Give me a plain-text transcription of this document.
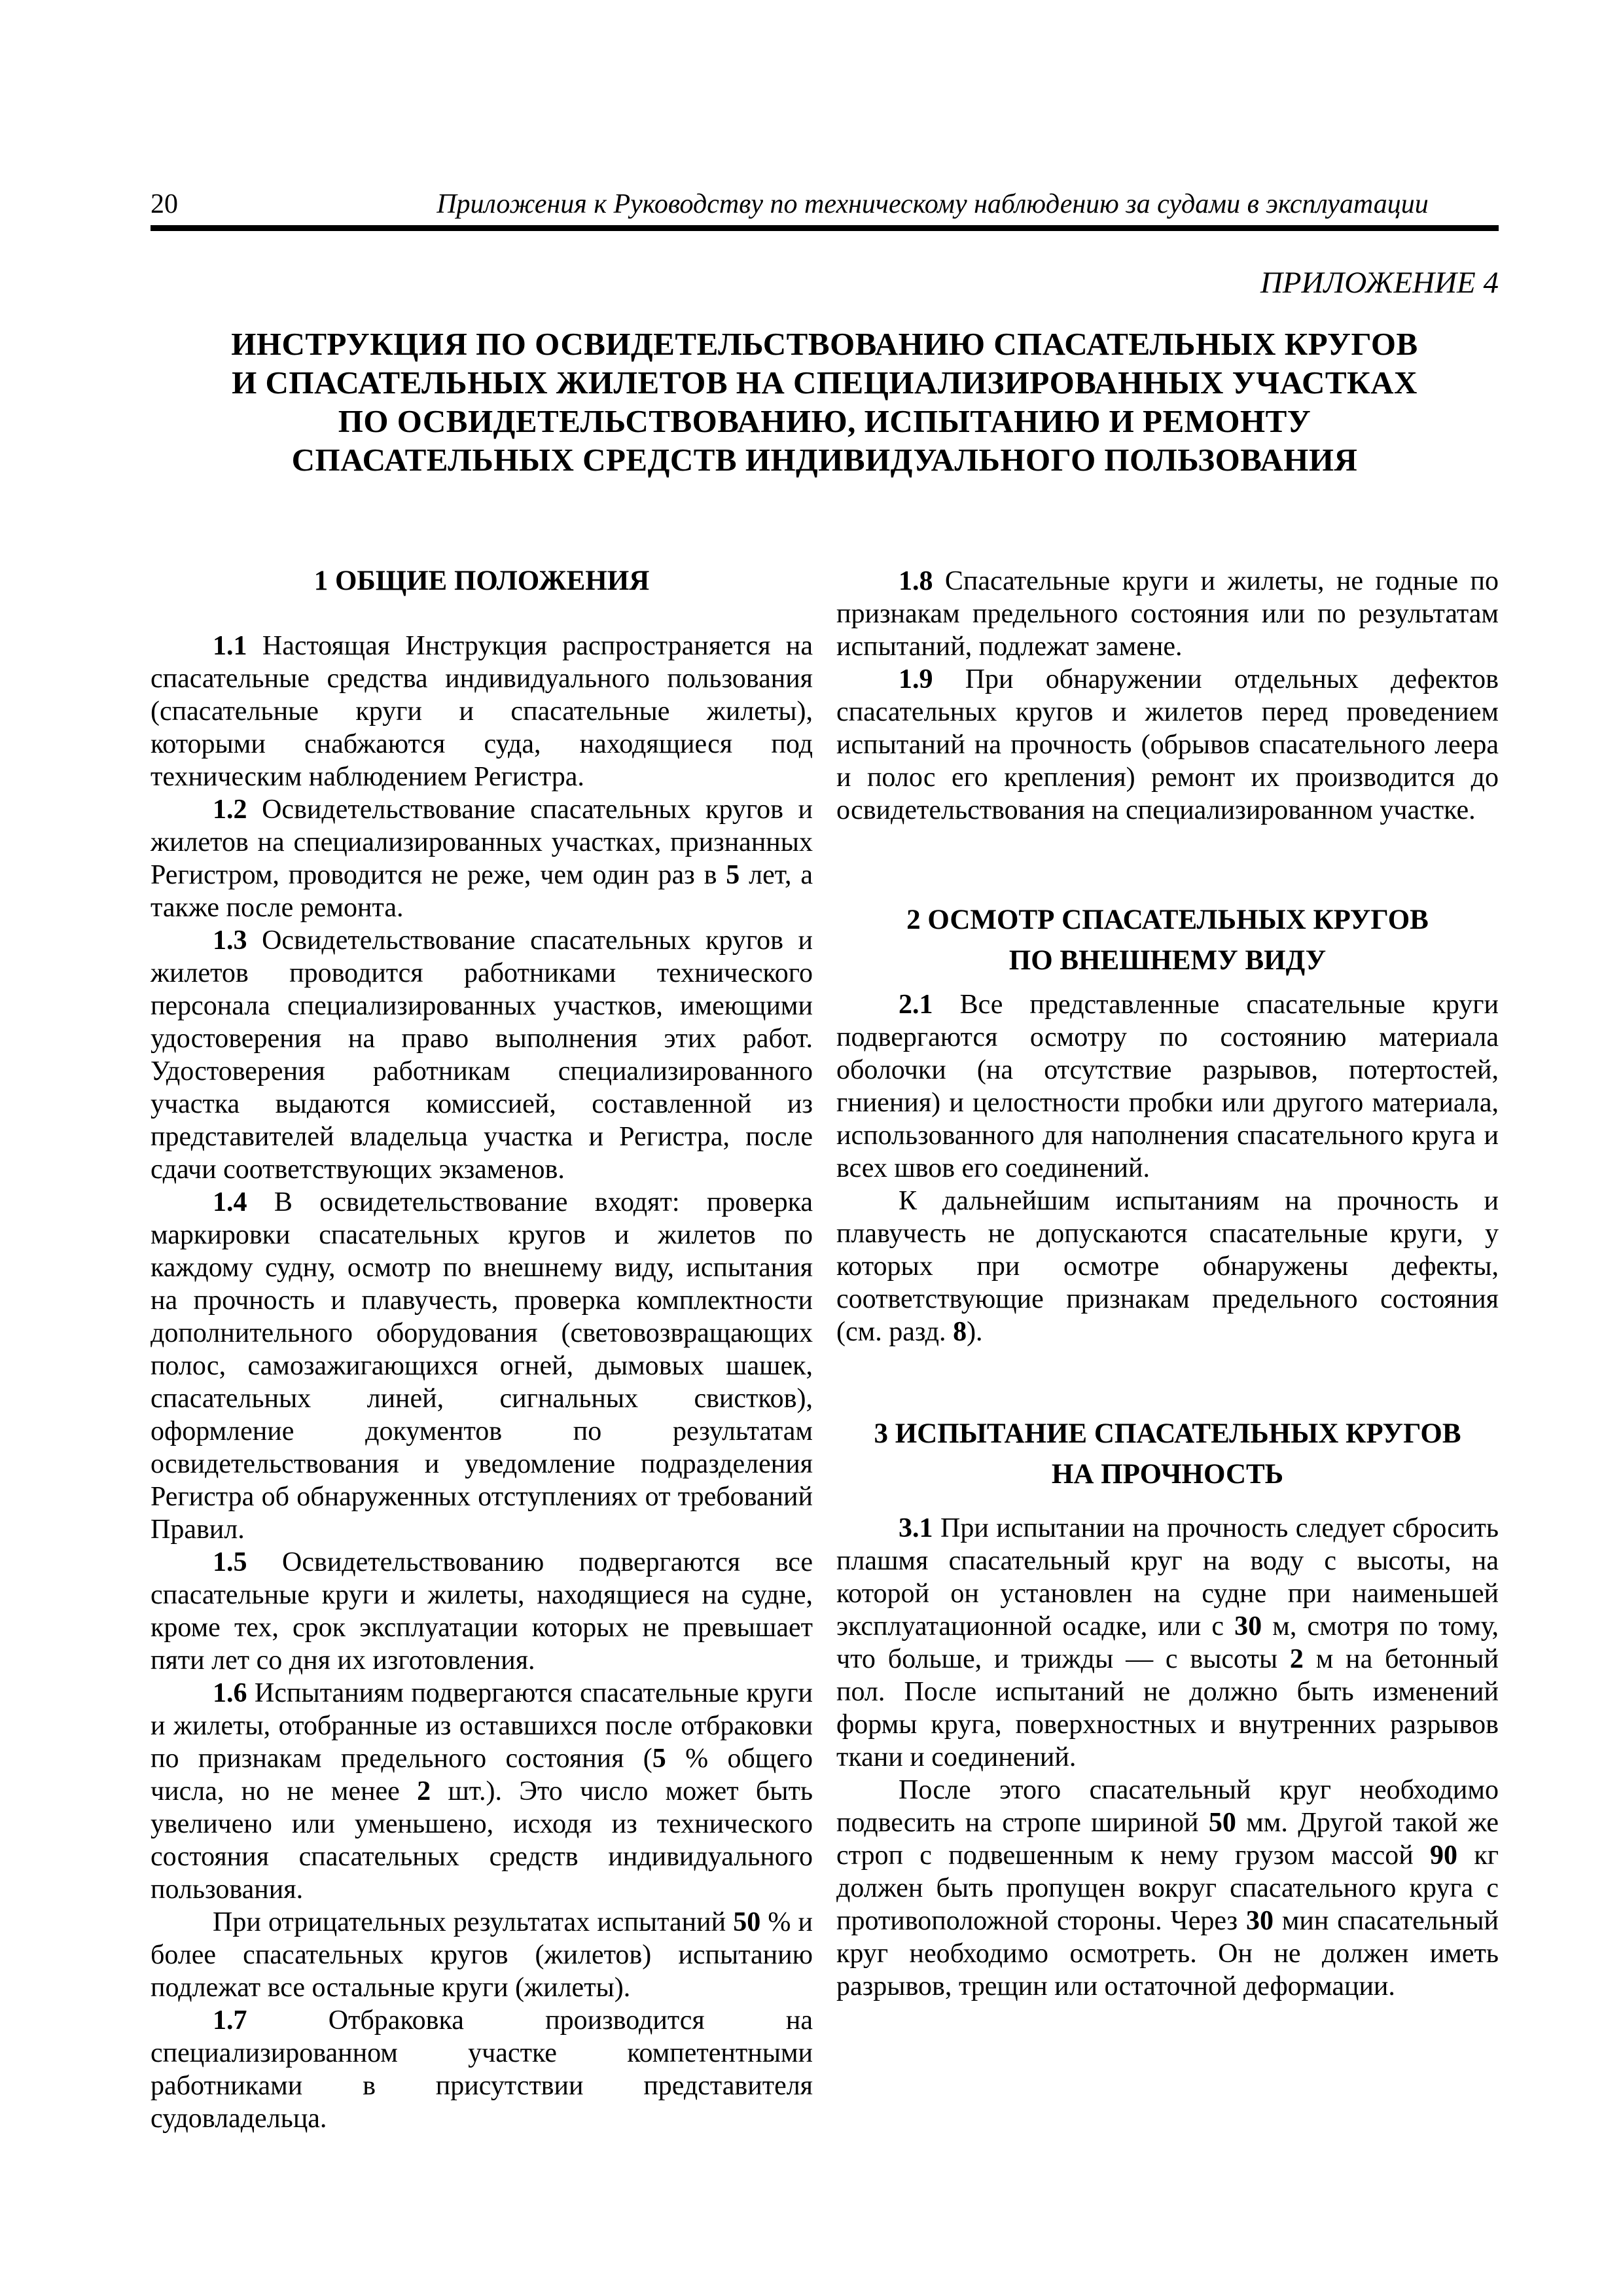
20	Приложения к Руководству по техническому наблюдению за судами в эксплуатации
ПРИЛОЖЕНИЕ 4
ИНСТРУКЦИЯ ПО ОСВИДЕТЕЛЬСТВОВАНИЮ СПАСАТЕЛЬНЫХ КРУГОВ
И СПАСАТЕЛЬНЫХ ЖИЛЕТОВ НА СПЕЦИАЛИЗИРОВАННЫХ УЧАСТКАХ
ПО ОСВИДЕТЕЛЬСТВОВАНИЮ, ИСПЫТАНИЮ И РЕМОНТУ
СПАСАТЕЛЬНЫХ СРЕДСТВ ИНДИВИДУАЛЬНОГО ПОЛЬЗОВАНИЯ
1 ОБЩИЕ ПОЛОЖЕНИЯ

1.1 Настоящая Инструкция распространяется на спасательные средства индивидуального пользования (спасательные круги и спасательные жилеты), которыми снабжаются суда, находящиеся под техническим наблюдением Регистра.

1.2 Освидетельствование спасательных кругов и жилетов на специализированных участках, признанных Регистром, проводится не реже, чем один раз в 5 лет, а также после ремонта.

1.3 Освидетельствование спасательных кругов и жилетов проводится работниками технического персонала специализированных участков, имеющими удостоверения на право выполнения этих работ. Удостоверения работникам специализированного участка выдаются комиссией, составленной из представителей владельца участка и Регистра, после сдачи соответствующих экзаменов.

1.4 В освидетельствование входят: проверка маркировки спасательных кругов и жилетов по каждому судну, осмотр по внешнему виду, испытания на прочность и плавучесть, проверка комплектности дополнительного оборудования (световозвращающих полос, самозажигающихся огней, дымовых шашек, спасательных линей, сигнальных свистков), оформление документов по результатам освидетельствования и уведомление подразделения Регистра об обнаруженных отступлениях от требований Правил.

1.5 Освидетельствованию подвергаются все спасательные круги и жилеты, находящиеся на судне, кроме тех, срок эксплуатации которых не превышает пяти лет со дня их изготовления.

1.6 Испытаниям подвергаются спасательные круги и жилеты, отобранные из оставшихся после отбраковки по признакам предельного состояния (5 % общего числа, но не менее 2 шт.). Это число может быть увеличено или уменьшено, исходя из технического состояния спасательных средств индивидуального пользования.

При отрицательных результатах испытаний 50 % и более спасательных кругов (жилетов) испытанию подлежат все остальные круги (жилеты).

1.7 Отбраковка производится на специализированном участке компетентными работниками в присутствии представителя судовладельца.

1.8 Спасательные круги и жилеты, не годные по признакам предельного состояния или по результатам испытаний, подлежат замене.

1.9 При обнаружении отдельных дефектов спасательных кругов и жилетов перед проведением испытаний на прочность (обрывов спасательного леера и полос его крепления) ремонт их производится до освидетельствования на специализированном участке.

2 ОСМОТР СПАСАТЕЛЬНЫХ КРУГОВ
ПО ВНЕШНЕМУ ВИДУ

2.1 Все представленные спасательные круги подвергаются осмотру по состоянию материала оболочки (на отсутствие разрывов, потертостей, гниения) и целостности пробки или другого материала, использованного для наполнения спасательного круга и всех швов его соединений.

К дальнейшим испытаниям на прочность и плавучесть не допускаются спасательные круги, у которых при осмотре обнаружены дефекты, соответствующие признакам предельного состояния (см. разд. 8).

3 ИСПЫТАНИЕ СПАСАТЕЛЬНЫХ КРУГОВ
НА ПРОЧНОСТЬ

3.1 При испытании на прочность следует сбросить плашмя спасательный круг на воду с высоты, на которой он установлен на судне при наименьшей эксплуатационной осадке, или с 30 м, смотря по тому, что больше, и трижды — с высоты 2 м на бетонный пол. После испытаний не должно быть изменений формы круга, поверхностных и внутренних разрывов ткани и соединений.

После этого спасательный круг необходимо подвесить на стропе шириной 50 мм. Другой такой же строп с подвешенным к нему грузом массой 90 кг должен быть пропущен вокруг спасательного круга с противоположной стороны. Через 30 мин спасательный круг необходимо осмотреть. Он не должен иметь разрывов, трещин или остаточной деформации.
